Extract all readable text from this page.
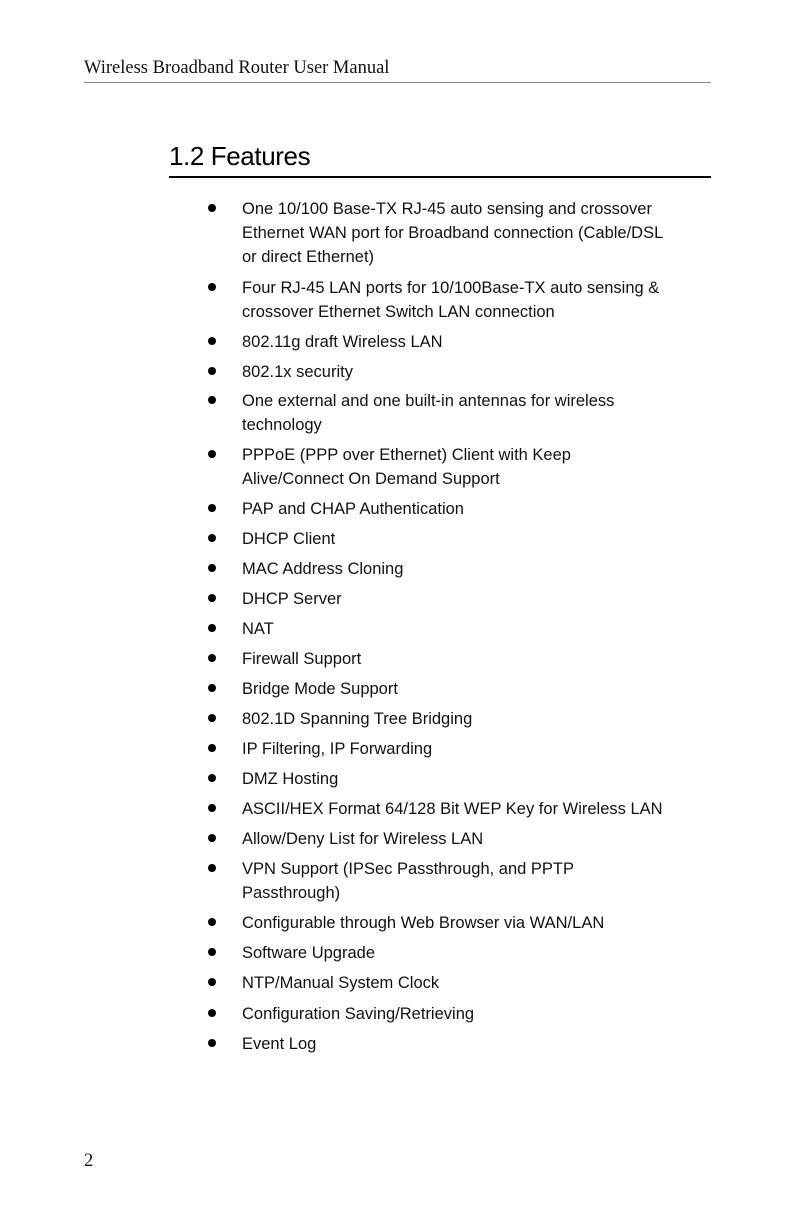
Wireless Broadband Router User Manual
1.2 Features
One 10/100 Base-TX RJ-45 auto sensing and crossover
Ethernet WAN port for Broadband connection (Cable/DSL
or direct Ethernet)
Four RJ-45 LAN ports for 10/100Base-TX auto sensing &
crossover Ethernet Switch LAN connection
802.11g draft Wireless LAN
802.1x security
One external and one built-in antennas for wireless
technology
PPPoE (PPP over Ethernet) Client with Keep
Alive/Connect On Demand Support
PAP and CHAP Authentication
DHCP Client
MAC Address Cloning
DHCP Server
NAT
Firewall Support
Bridge Mode Support
802.1D Spanning Tree Bridging
IP Filtering, IP Forwarding
DMZ Hosting
ASCII/HEX Format 64/128 Bit WEP Key for Wireless LAN
Allow/Deny List for Wireless LAN
VPN Support (IPSec Passthrough, and PPTP
Passthrough)
Configurable through Web Browser via WAN/LAN
Software Upgrade
NTP/Manual System Clock
Configuration Saving/Retrieving
Event Log
2
